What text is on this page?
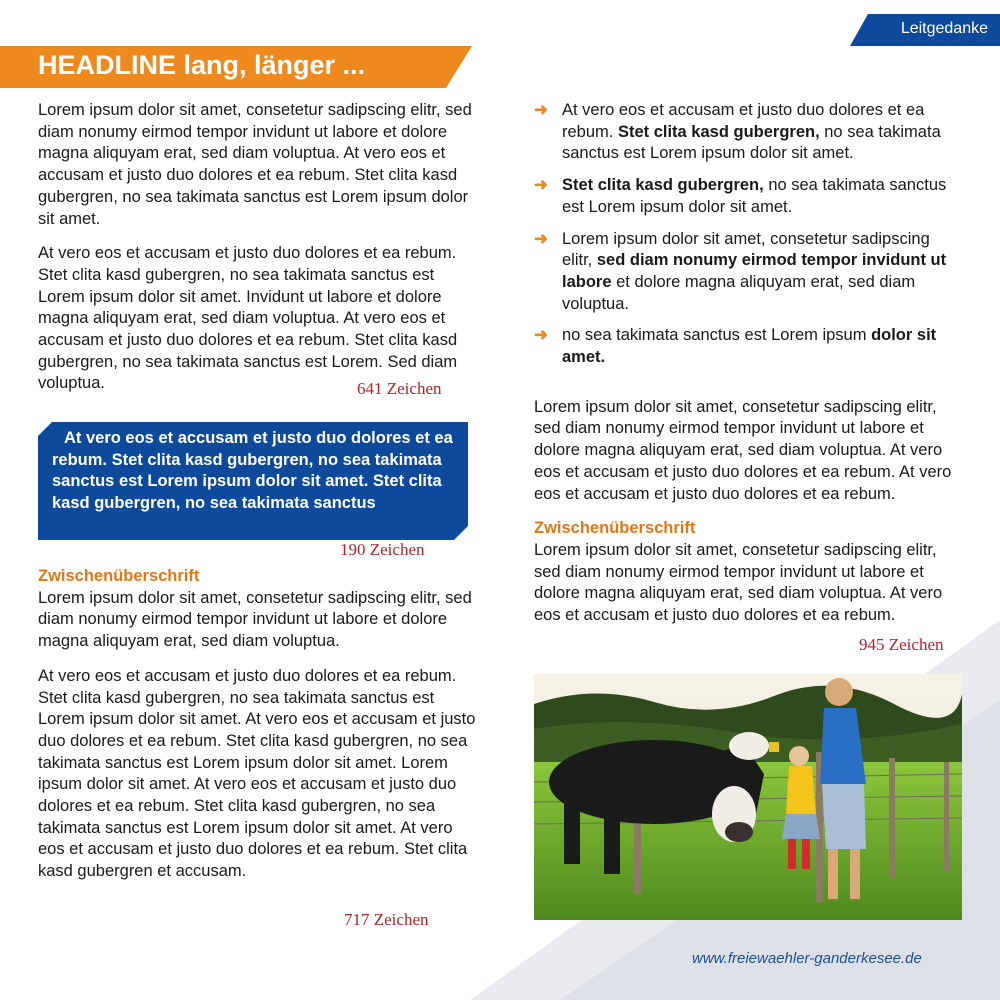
Leitgedanke
HEADLINE lang, länger ...

Lorem ipsum dolor sit amet, consetetur sadipscing elitr, sed diam nonumy eirmod tempor invidunt ut labore et dolore magna aliquyam erat, sed diam voluptua. At vero eos et accusam et justo duo dolores et ea rebum. Stet clita kasd gubergren, no sea takimata sanctus est Lorem ipsum dolor sit amet.

At vero eos et accusam et justo duo dolores et ea rebum. Stet clita kasd gubergren, no sea takimata sanctus est Lorem ipsum dolor sit amet. Invidunt ut labore et dolore magna aliquyam erat, sed diam voluptua. At vero eos et accusam et justo duo dolores et ea rebum. Stet clita kasd gubergren, no sea takimata sanctus est Lorem. Sed diam voluptua.	641 Zeichen

At vero eos et accusam et justo duo dolores et ea rebum. Stet clita kasd gubergren, no sea takimata sanctus est Lorem ipsum dolor sit amet. Stet clita kasd gubergren, no sea takimata sanctus

190 Zeichen

Zwischenüberschrift

Lorem ipsum dolor sit amet, consetetur sadipscing elitr, sed diam nonumy eirmod tempor invidunt ut labore et dolore magna aliquyam erat, sed diam voluptua.

At vero eos et accusam et justo duo dolores et ea rebum. Stet clita kasd gubergren, no sea takimata sanctus est Lorem ipsum dolor sit amet. At vero eos et accusam et justo duo dolores et ea rebum. Stet clita kasd gubergren, no sea takimata sanctus est Lorem ipsum dolor sit amet. Lorem ipsum dolor sit amet. At vero eos et accusam et justo duo dolores et ea rebum. Stet clita kasd gubergren, no sea takimata sanctus est Lorem ipsum dolor sit amet. At vero eos et accusam et justo duo dolores et ea rebum. Stet clita kasd gubergren et accusam.

717 Zeichen
➜ At vero eos et accusam et justo duo dolores et ea rebum. Stet clita kasd gubergren, no sea takimata sanctus est Lorem ipsum dolor sit amet.
➜ Stet clita kasd gubergren, no sea takimata sanctus est Lorem ipsum dolor sit amet.
➜ Lorem ipsum dolor sit amet, consetetur sadipscing elitr, sed diam nonumy eirmod tempor invidunt ut labore et dolore magna aliquyam erat, sed diam voluptua.
➜ no sea takimata sanctus est Lorem ipsum dolor sit amet.

Lorem ipsum dolor sit amet, consetetur sadipscing elitr, sed diam nonumy eirmod tempor invidunt ut labore et dolore magna aliquyam erat, sed diam voluptua. At vero eos et accusam et justo duo dolores et ea rebum. At vero eos et accusam et justo duo dolores et ea rebum.

Zwischenüberschrift

Lorem ipsum dolor sit amet, consetetur sadipscing elitr, sed diam nonumy eirmod tempor invidunt ut labore et dolore magna aliquyam erat, sed diam voluptua. At vero eos et accusam et justo duo dolores et ea rebum.

945 Zeichen
www.freiewaehler-ganderkesee.de
